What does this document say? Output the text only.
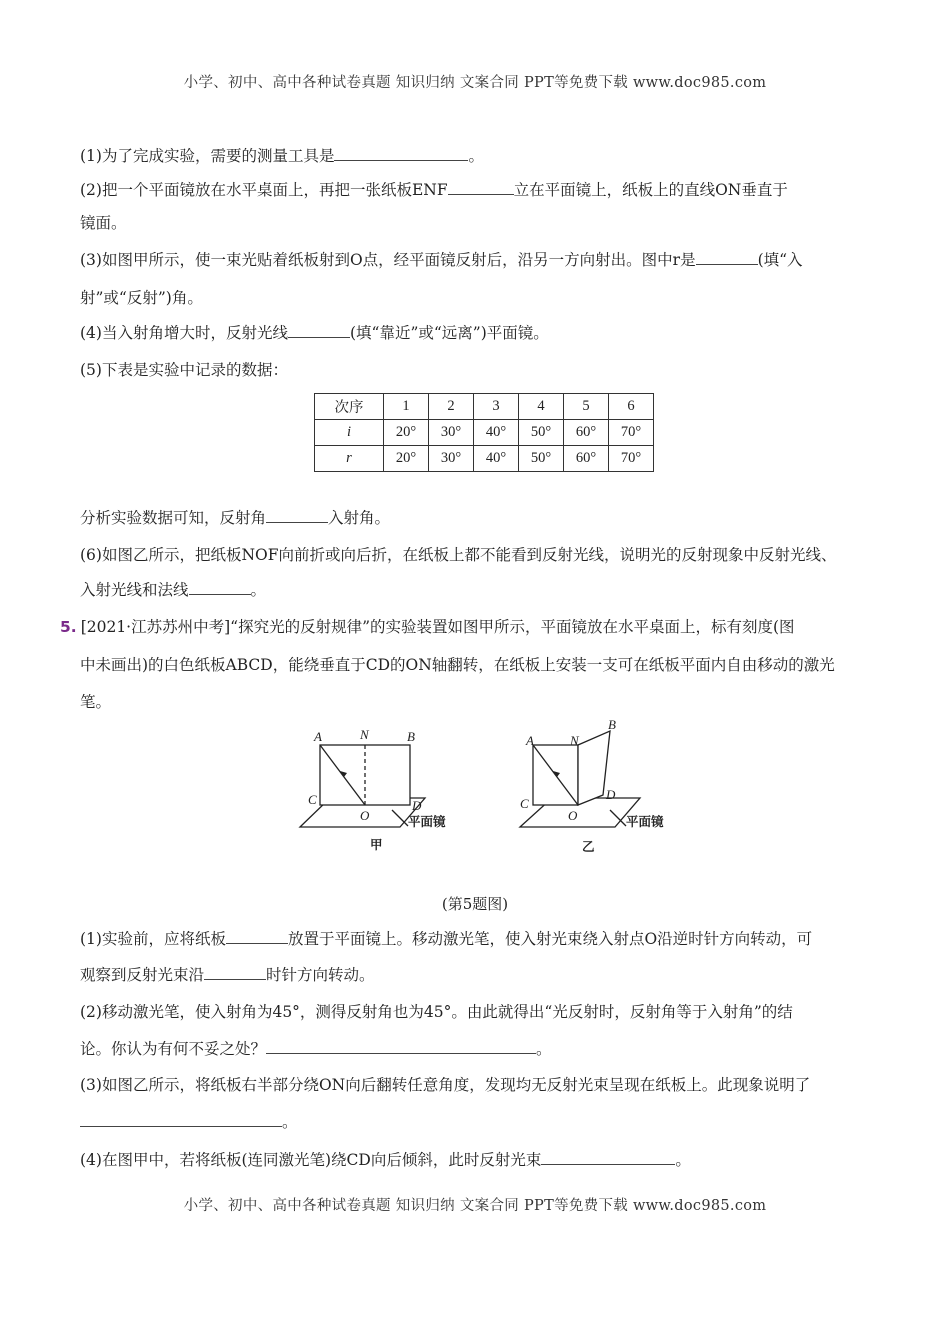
小学、初中、高中各种试卷真题 知识归纳 文案合同 PPT等免费下载 www.doc985.com
(1)为了完成实验，需要的测量工具是	。
(2)把一个平面镜放在水平桌面上，再把一张纸板ENF	立在平面镜上，纸板上的直线ON垂直于
镜面。
(3)如图甲所示，使一束光贴着纸板射到O点，经平面镜反射后，沿另一方向射出。图中r是	(填“入
射”或“反射”)角。
(4)当入射角增大时，反射光线	(填“靠近”或“远离”)平面镜。
(5)下表是实验中记录的数据：
次序	1	2	3	4	5	6
i	20°	30°	40°	50°	60°	70°
r	20°	30°	40°	50°	60°	70°
分析实验数据可知，反射角	入射角。
(6)如图乙所示，把纸板NOF向前折或向后折，在纸板上都不能看到反射光线，说明光的反射现象中反射光线、
入射光线和法线	。
5. [2021·江苏苏州中考]“探究光的反射规律”的实验装置如图甲所示，平面镜放在水平桌面上，标有刻度(图
中未画出)的白色纸板ABCD，能绕垂直于CD的ON轴翻转，在纸板上安装一支可在纸板平面内自由移动的激光
笔。
A	N	B
C
O
D
A	N
B
C
O
D
平面镜	平面镜
甲	乙
(第5题图)
(1)实验前，应将纸板	放置于平面镜上。移动激光笔，使入射光束绕入射点O沿逆时针方向转动，可
观察到反射光束沿	时针方向转动。
(2)移动激光笔，使入射角为45°，测得反射角也为45°。由此就得出“光反射时，反射角等于入射角”的结
论。你认为有何不妥之处？	。
(3)如图乙所示，将纸板右半部分绕ON向后翻转任意角度，发现均无反射光束呈现在纸板上。此现象说明了
。
(4)在图甲中，若将纸板(连同激光笔)绕CD向后倾斜，此时反射光束	。
小学、初中、高中各种试卷真题 知识归纳 文案合同 PPT等免费下载 www.doc985.com
